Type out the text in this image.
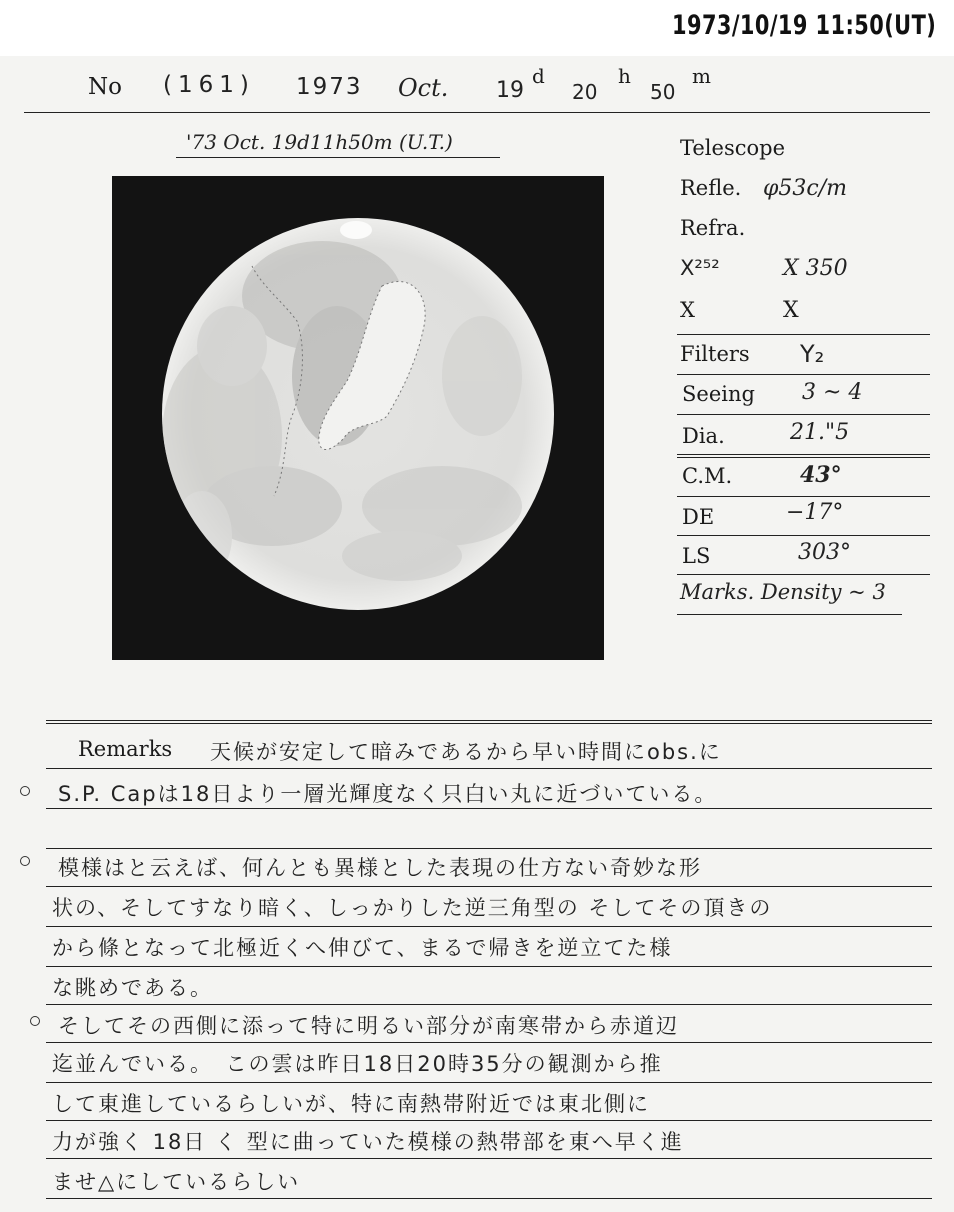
1973/10/19 11:50(UT)
No (161) 1973 Oct. 19
d
20
h
50
m
'73 Oct. 19d11h50m (U.T.)	Telescope
Refle. φ53c/m
Refra.
X²⁵²	X 350
X	X
Filters Y₂
Seeing 3 ~ 4
Dia.	21."5
C.M.	43°
DE	−17°
LS	303°
Marks. Density ~ 3
Remarks 天候が安定して暗みであるから早い時間にobs.に
S.P. Capは18日より一層光輝度なく只白い丸に近づいている。
模様はと云えば、何んとも異様とした表現の仕方ない奇妙な形
状の、そしてすなり暗く、しっかりした逆三角型の そしてその頂きの
から條となって北極近くへ伸びて、まるで帰きを逆立てた様
な眺めである。
そしてその西側に添って特に明るい部分が南寒帯から赤道辺
迄並んでいる。　この雲は昨日18日20時35分の観測から推
して東進しているらしいが、特に南熱帯附近では東北側に
力が強く 18日 く 型に曲っていた模様の熱帯部を東へ早く進
ませ△にしているらしい
